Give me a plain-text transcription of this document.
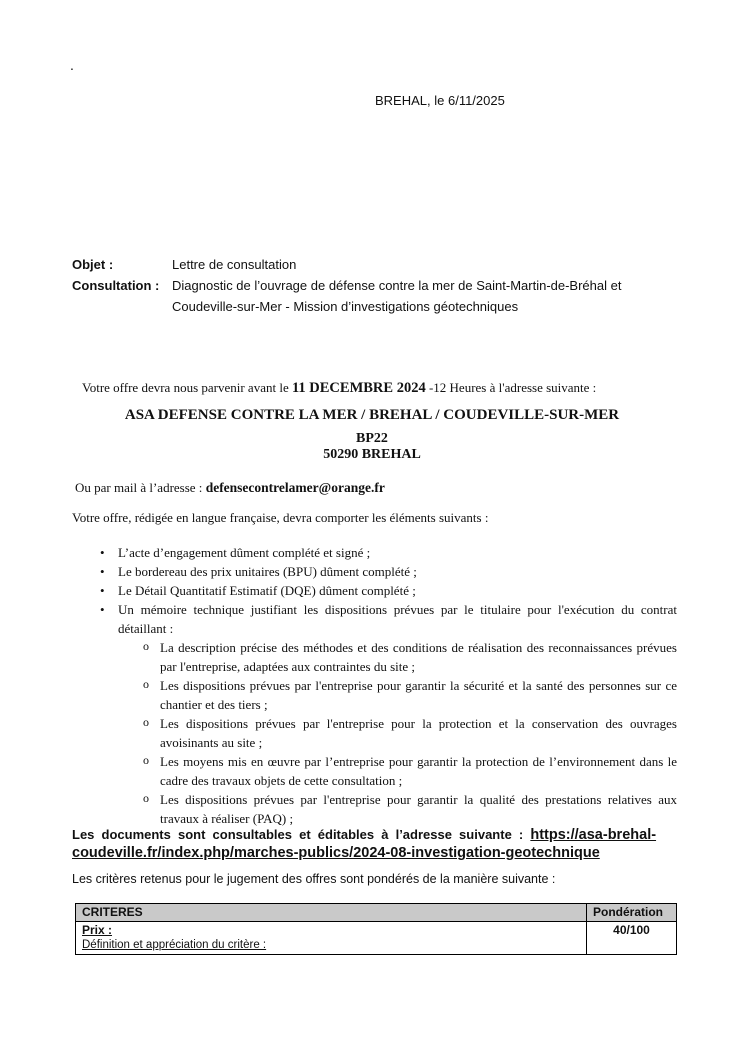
.
BREHAL, le 6/11/2025
Objet :	Lettre de consultation
Consultation : Diagnostic de l’ouvrage de défense contre la mer de Saint-Martin-de-Bréhal et
Coudeville-sur-Mer - Mission d’investigations géotechniques
Votre offre devra nous parvenir avant le 11 DECEMBRE 2024 -12 Heures à l'adresse suivante :
ASA DEFENSE CONTRE LA MER / BREHAL / COUDEVILLE-SUR-MER
BP22
50290 BREHAL
Ou par mail à l’adresse : defensecontrelamer@orange.fr
Votre offre, rédigée en langue française, devra comporter les éléments suivants :
• L’acte d’engagement dûment complété et signé ;
• Le bordereau des prix unitaires (BPU) dûment complété ;
• Le Détail Quantitatif Estimatif (DQE) dûment complété ;
• Un mémoire technique justifiant les dispositions prévues par le titulaire pour l'exécution du contrat détaillant :
o La description précise des méthodes et des conditions de réalisation des reconnaissances prévues par l'entreprise, adaptées aux contraintes du site ;
o Les dispositions prévues par l'entreprise pour garantir la sécurité et la santé des personnes sur ce chantier et des tiers ;
o Les dispositions prévues par l'entreprise pour la protection et la conservation des ouvrages avoisinants au site ;
o Les moyens mis en œuvre par l’entreprise pour garantir la protection de l’environnement dans le cadre des travaux objets de cette consultation ;
o Les dispositions prévues par l'entreprise pour garantir la qualité des prestations relatives aux travaux à réaliser (PAQ) ;
Les documents sont consultables et éditables à l’adresse suivante : https://asa-brehal-
coudeville.fr/index.php/marches-publics/2024-08-investigation-geotechnique
Les critères retenus pour le jugement des offres sont pondérés de la manière suivante :
CRITERES	Pondération

Prix :
Définition et appréciation du critère :	40/100
